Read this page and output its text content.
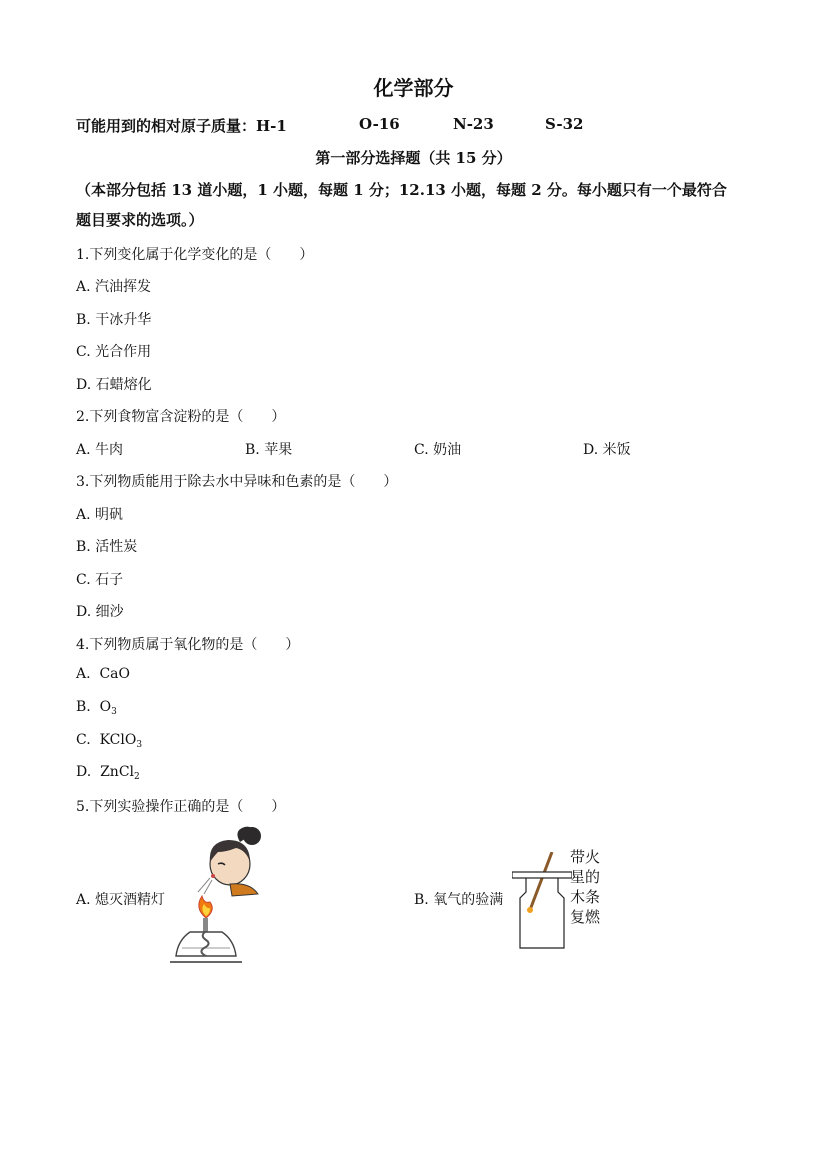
化学部分
可能用到的相对原子质量：H-1	O-16	N-23	S-32
第一部分选择题（共 15 分）
（本部分包括 13 道小题，1 小题，每题 1 分；12.13 小题，每题 2 分。每小题只有一个最符合
题目要求的选项。）
1.下列变化属于化学变化的是（　　）
A. 汽油挥发
B. 干冰升华
C. 光合作用
D. 石蜡熔化
2.下列食物富含淀粉的是（　　）
A. 牛肉	B. 苹果	C. 奶油	D. 米饭
3.下列物质能用于除去水中异味和色素的是（　　）
A. 明矾
B. 活性炭
C. 石子
D. 细沙
4.下列物质属于氧化物的是（　　）
A.  CaO
B.  $O_3$
C.  KClO$_3$
D.  ZnCl$_2$
5.下列实验操作正确的是（　　）
A. 熄灭酒精灯	B. 氧气的验满
带火
星的
木条
复燃
